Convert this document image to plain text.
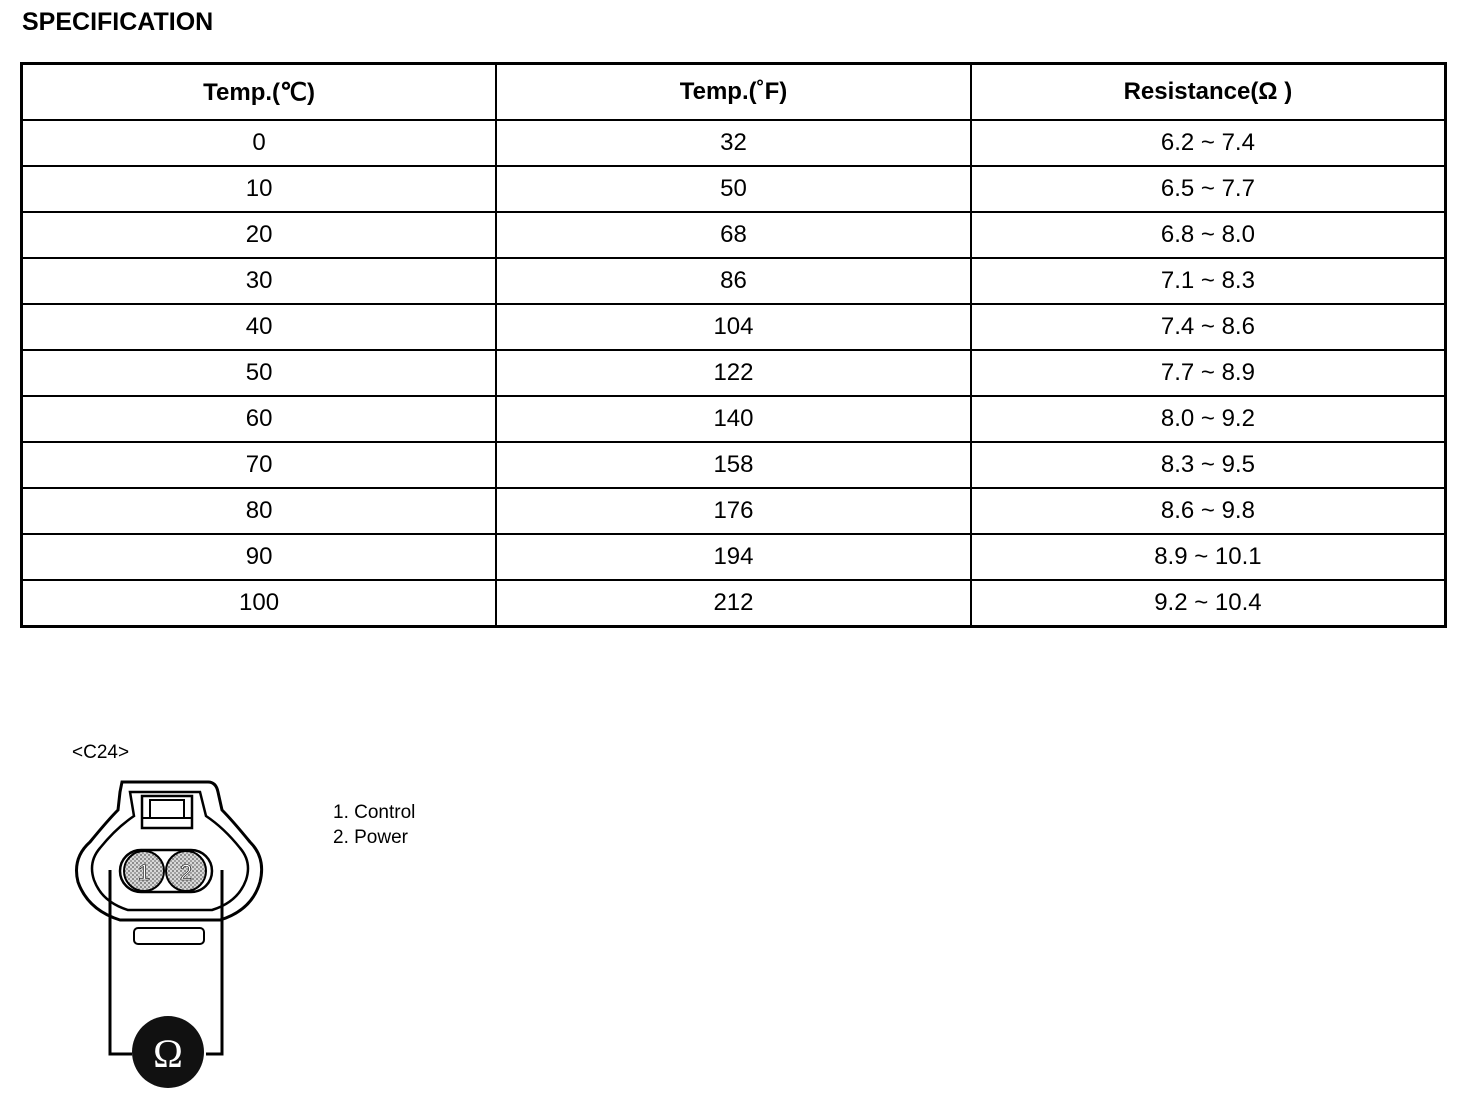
SPECIFICATION
Temp.(℃)	Temp.(˚F)	Resistance(Ω )
0	32	6.2 ~ 7.4
10	50	6.5 ~ 7.7
20	68	6.8 ~ 8.0
30	86	7.1 ~ 8.3
40	104	7.4 ~ 8.6
50	122	7.7 ~ 8.9
60	140	8.0 ~ 9.2
70	158	8.3 ~ 9.5
80	176	8.6 ~ 9.8
90	194	8.9 ~ 10.1
100	212	9.2 ~ 10.4
<C24>
1. Control
2. Power
1 2
Ω
